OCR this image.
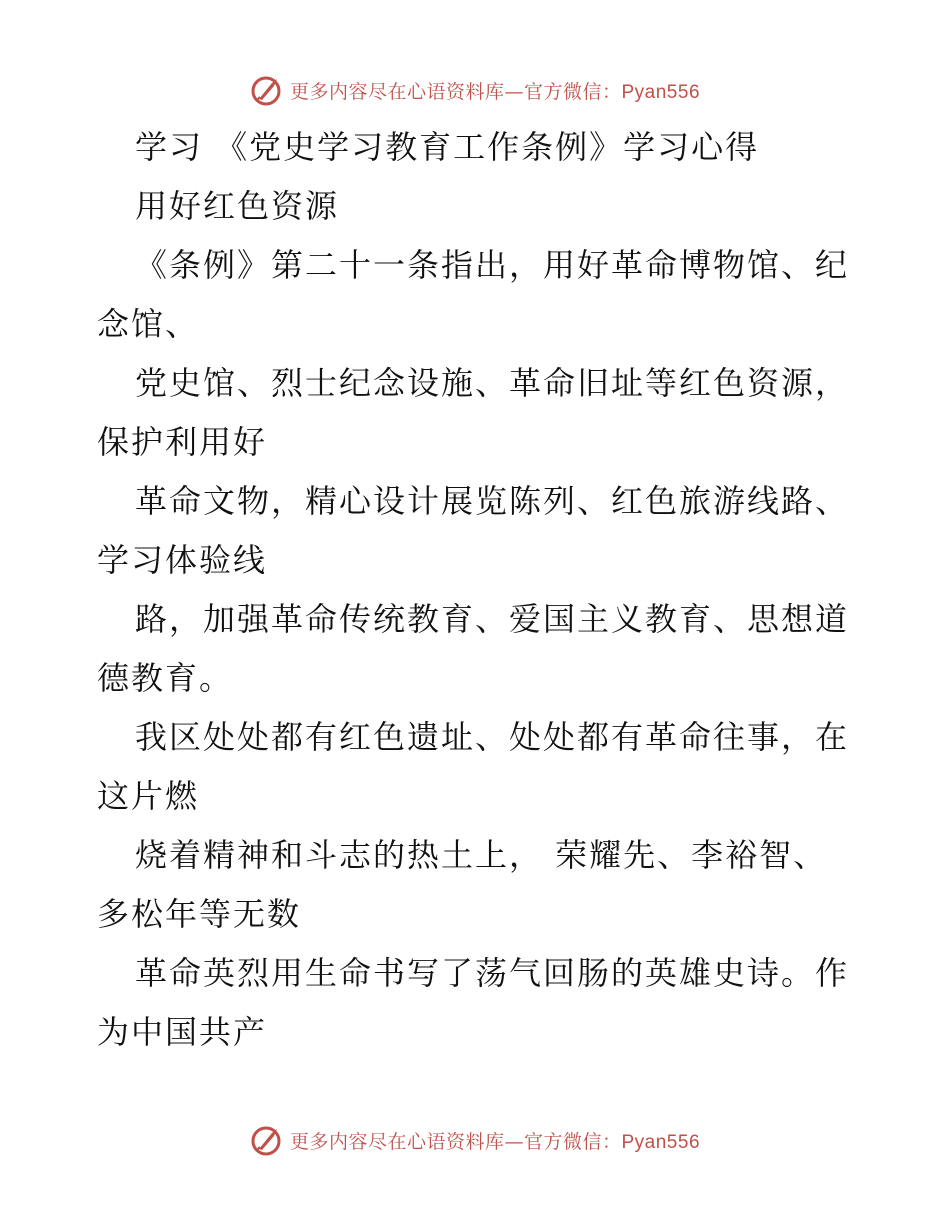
更多内容尽在心语资料库—官方微信：Pyan556
学习 《党史学习教育工作条例》学习心得
用好红色资源
《条例》第二十一条指出，用好革命博物馆、纪
念馆、
党史馆、烈士纪念设施、革命旧址等红色资源，
保护利用好
革命文物，精心设计展览陈列、红色旅游线路、
学习体验线
路，加强革命传统教育、爱国主义教育、思想道
德教育。
我区处处都有红色遗址、处处都有革命往事，在
这片燃
烧着精神和斗志的热土上， 荣耀先、李裕智、
多松年等无数
革命英烈用生命书写了荡气回肠的英雄史诗。作
为中国共产
更多内容尽在心语资料库—官方微信：Pyan556
